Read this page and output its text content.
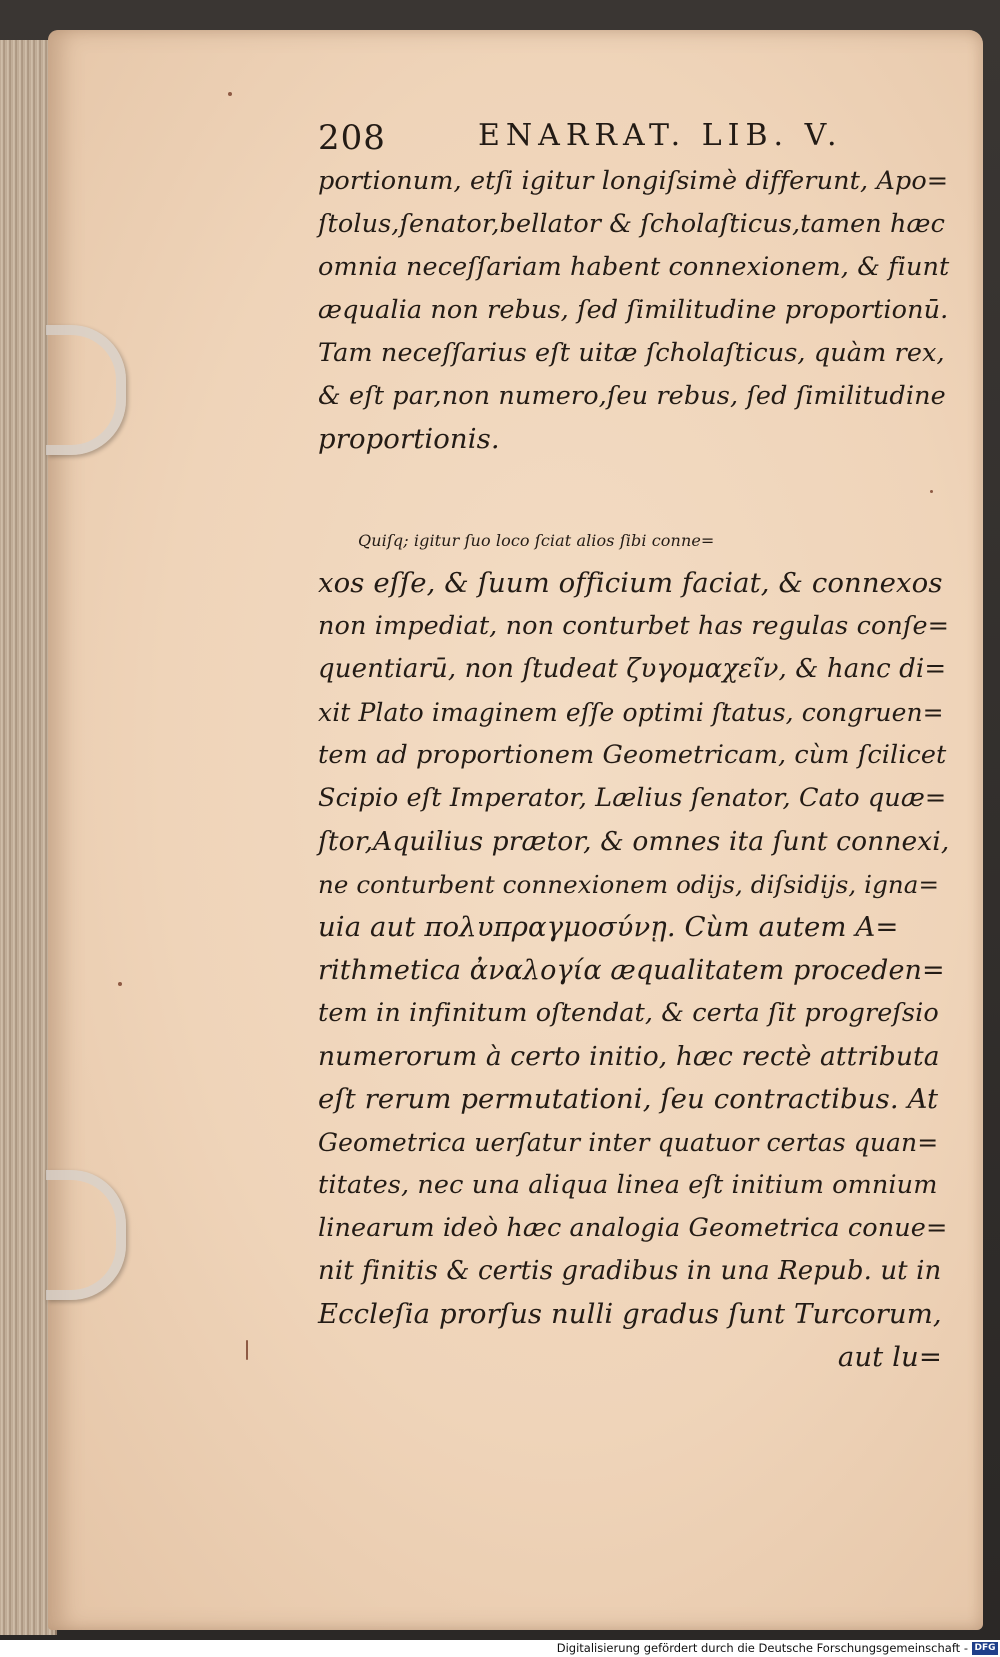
208	ENARRAT. LIB. V.

portionum, etſi igitur longiſsimè differunt, Apo=

ſtolus,ſenator,bellator & ſcholaſticus,tamen hæc

omnia neceſſariam habent connexionem, & fiunt

æqualia non rebus, ſed ſimilitudine proportionū.

Tam neceſſarius eſt uitæ ſcholaſticus, quàm rex,

& eſt par,non numero,ſeu rebus, ſed ſimilitudine

proportionis.

Quiſq; igitur ſuo loco ſciat alios ſibi conne=

xos eſſe, & ſuum officium faciat, & connexos

non impediat, non conturbet has regulas conſe=

quentiarū, non ſtudeat ζυγομαχεῖν, & hanc di=

xit Plato imaginem eſſe optimi ſtatus, congruen=

tem ad proportionem Geometricam, cùm ſcilicet

Scipio eſt Imperator, Lælius ſenator, Cato quæ=

ſtor,Aquilius prætor, & omnes ita ſunt connexi,

ne conturbent connexionem odijs, diſsidijs, igna=

uia aut πολυπραγμοσύνῃ. Cùm autem A=

rithmetica ἀναλογία æqualitatem proceden=

tem in infinitum oſtendat, & certa ſit progreſsio

numerorum à certo initio, hæc rectè attributa

eſt rerum permutationi, ſeu contractibus. At

Geometrica uerſatur inter quatuor certas quan=

titates, nec una aliqua linea eſt initium omnium

linearum ideò hæc analogia Geometrica conue=

nit finitis & certis gradibus in una Repub. ut in

Eccleſia prorſus nulli gradus ſunt Turcorum,

aut lu=

Digitalisierung gefördert durch die Deutsche Forschungsgemeinschaft - DFG
